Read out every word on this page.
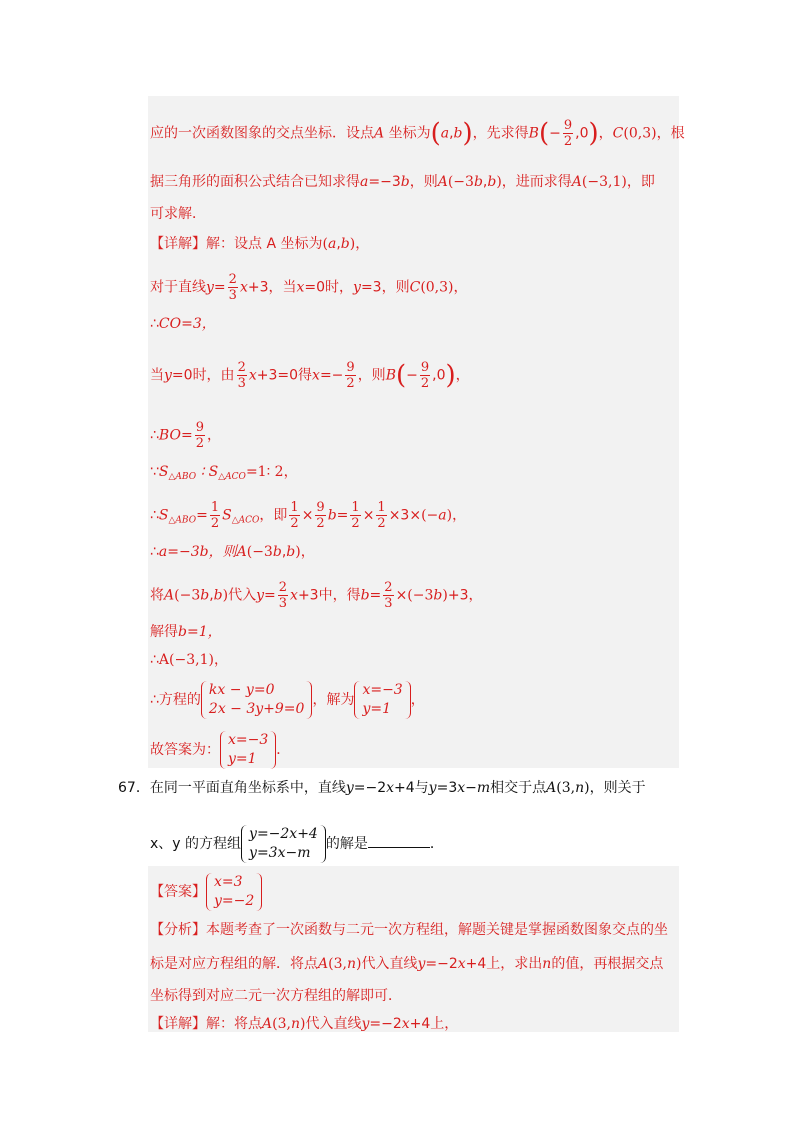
应的一次函数图象的交点坐标．设点A 坐标为(a,b)，先求得$B(- \frac{9}{2} ,0)$，C(0,3)，根
据三角形的面积公式结合已知求得a=−3b，则A(−3b,b)，进而求得A(−3,1)，即
可求解．
【详解】解：设点 A 坐标为(a,b)，
对于直线$y= \frac{2}{3} x+3$，当x=0时，y=3，则C(0,3)，
∴CO=3，
当y=0时，由 $\frac{2}{3} x+3=0$得$x=- \frac{9}{2}$ ，则$B(- \frac{9}{2} ,0)$，
∴BO= $\frac{9}{2}$ ，
$\because S_{\triangle ABO}$ ∶ $S_{\triangle ACO}=1∶$ 2，
$\therefore S_{\triangle ABO}= \frac{1}{2} S_{\triangle ACO}$，即 $\frac{1}{2} \times \frac{9}{2} b= \frac{1}{2} \times \frac{1}{2} \times 3\times(-a)$，
∴a=−3b，则A(−3b,b)，
将A(−3b,b)代入$y= \frac{2}{3} x+3$中，得$b= \frac{2}{3} \times(-3b)+3$，
解得b=1，
∴A(−3,1)，
∴方程的
kx − y=0
2x − 3y+9=0
，解为
x=−3
y=1
，
故答案为：
x=−3
y=1
．
67．在同一平面直角坐标系中，直线y=−2x+4与y=3x−m相交于点A(3,n)，则关于
x、y 的方程组
y=−2x+4
y=3x−m
的解是	．
【答案】
x=3
y=−2
【分析】本题考查了一次函数与二元一次方程组，解题关键是掌握函数图象交点的坐
标是对应方程组的解．将点A(3,n)代入直线y=−2x+4上，求出n的值，再根据交点
坐标得到对应二元一次方程组的解即可．
【详解】解：将点A(3,n)代入直线y=−2x+4上，
